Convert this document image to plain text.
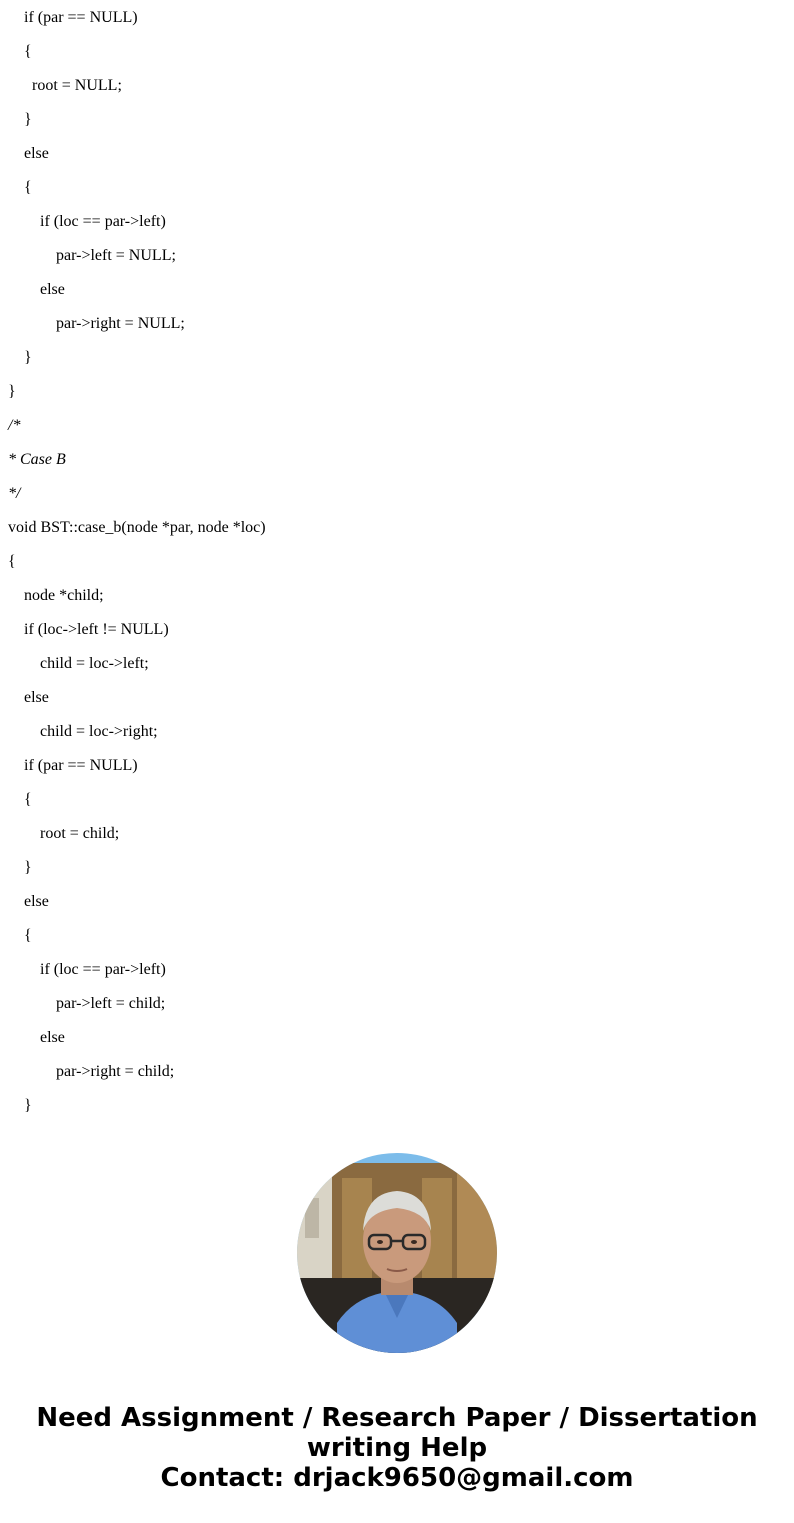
if (par == NULL)
{
root = NULL;
}
else
{
if (loc == par->left)
par->left = NULL;
else
par->right = NULL;
}
}
/*
* Case B
*/
void BST::case_b(node *par, node *loc)
{
node *child;
if (loc->left != NULL)
child = loc->left;
else
child = loc->right;
if (par == NULL)
{
root = child;
}
else
{
if (loc == par->left)
par->left = child;
else
par->right = child;
}
Need Assignment / Research Paper / Dissertation
writing Help
Contact: drjack9650@gmail.com
